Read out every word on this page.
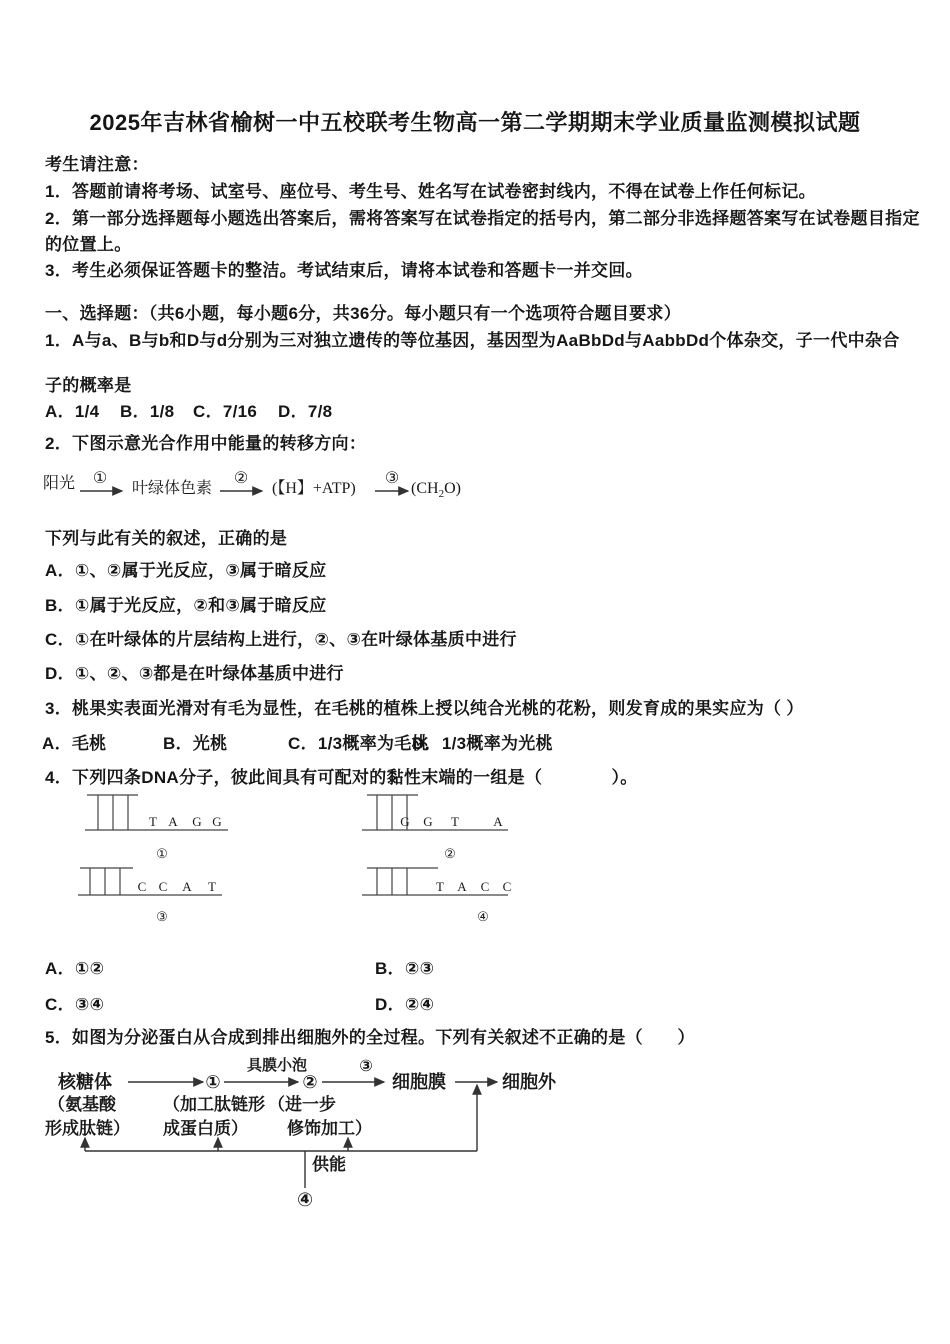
2025年吉林省榆树一中五校联考生物高一第二学期期末学业质量监测模拟试题
考生请注意：
1．答题前请将考场、试室号、座位号、考生号、姓名写在试卷密封线内，不得在试卷上作任何标记。
2．第一部分选择题每小题选出答案后，需将答案写在试卷指定的括号内，第二部分非选择题答案写在试卷题目指定
的位置上。
3．考生必须保证答题卡的整洁。考试结束后，请将本试卷和答题卡一并交回。
一、选择题：（共6小题，每小题6分，共36分。每小题只有一个选项符合题目要求）
1．A与a、B与b和D与d分别为三对独立遗传的等位基因，基因型为AaBbDd与AabbDd个体杂交，子一代中杂合
子的概率是
A．1/4 B．1/8 C．7/16 D．7/8
2．下图示意光合作用中能量的转移方向：
阳光 ①
叶绿体色素
②
(【H】+ATP)
③
$(CH_2O)$
下列与此有关的叙述，正确的是
A．①、②属于光反应，③属于暗反应
B．①属于光反应，②和③属于暗反应
C．①在叶绿体的片层结构上进行，②、③在叶绿体基质中进行
D．①、②、③都是在叶绿体基质中进行
3．桃果实表面光滑对有毛为显性，在毛桃的植株上授以纯合光桃的花粉，则发育成的果实应为（ ）
A．毛桃	B．光桃	C．1/3概率为毛桃
D．1/3概率为光桃
4．下列四条DNA分子，彼此间具有可配对的黏性末端的一组是（　　　　）。
T A G G
①
G G T	A
②
C C A T
③
T A C C
④
A．①②	B．②③
C．③④	D．②④
5．如图为分泌蛋白从合成到排出细胞外的全过程。下列有关叙述不正确的是（　　）
核糖体	①
具膜小泡
②
③
细胞膜	细胞外
（氨基酸
形成肽链）
（加工肽链形
成蛋白质）
（进一步
修饰加工）
供能
④
